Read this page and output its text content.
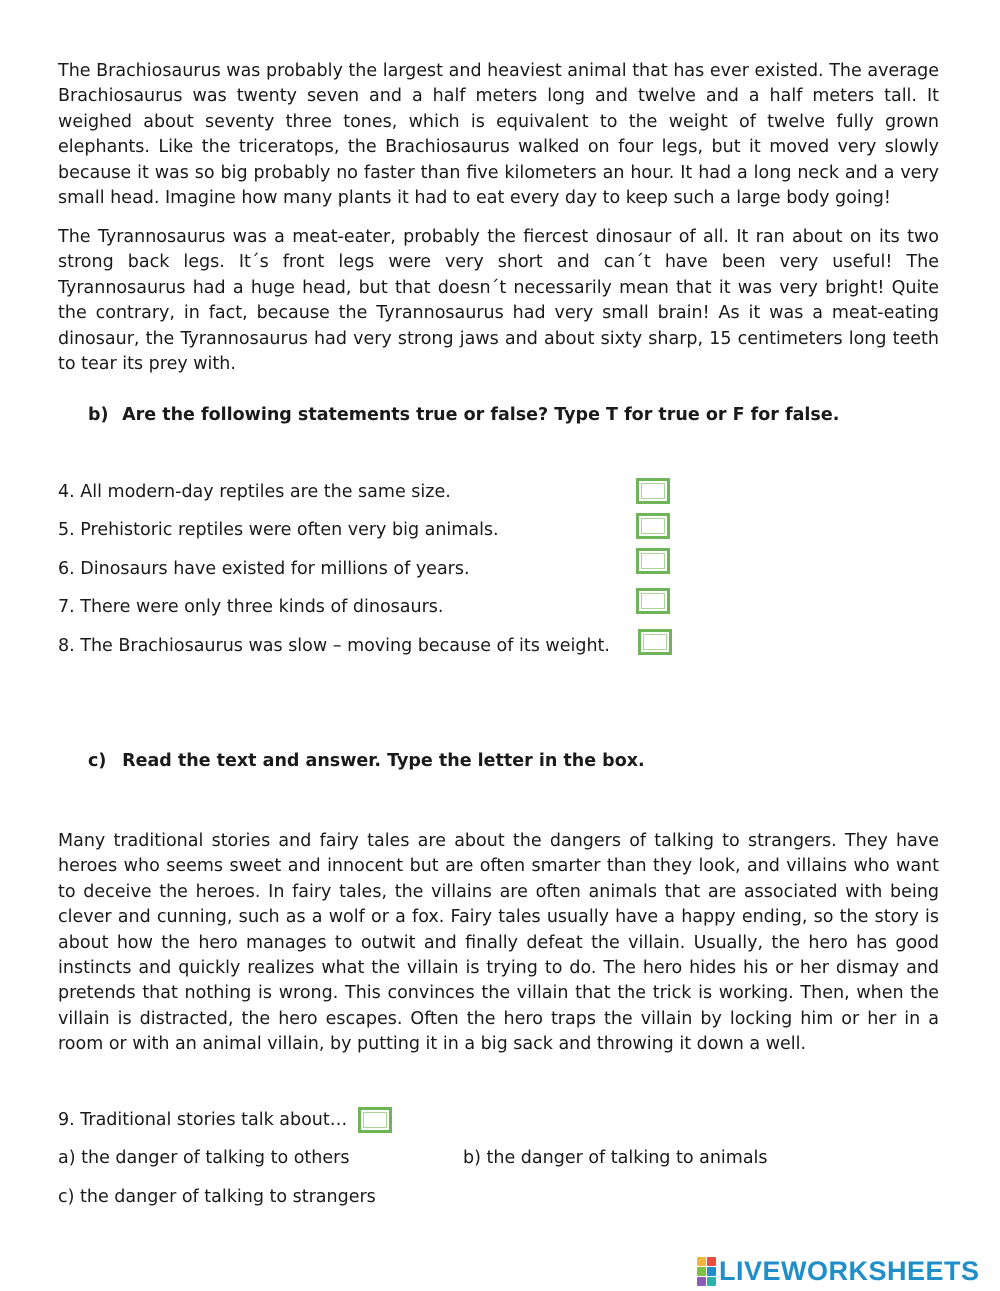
The Brachiosaurus was probably the largest and heaviest animal that has ever existed. The average Brachiosaurus was twenty seven and a half meters long and twelve and a half meters tall. It weighed about seventy three tones, which is equivalent to the weight of twelve fully grown elephants. Like the triceratops, the Brachiosaurus walked on four legs, but it moved very slowly because it was so big probably no faster than five kilometers an hour. It had a long neck and a very small head. Imagine how many plants it had to eat every day to keep such a large body going!

The Tyrannosaurus was a meat-eater, probably the fiercest dinosaur of all. It ran about on its two strong back legs. It´s front legs were very short and can´t have been very useful! The Tyrannosaurus had a huge head, but that doesn´t necessarily mean that it was very bright! Quite the contrary, in fact, because the Tyrannosaurus had very small brain! As it was a meat-eating dinosaur, the Tyrannosaurus had very strong jaws and about sixty sharp, 15 centimeters long teeth to tear its prey with.

b) Are the following statements true or false? Type T for true or F for false.

4. All modern-day reptiles are the same size.

5. Prehistoric reptiles were often very big animals.

6. Dinosaurs have existed for millions of years.

7. There were only three kinds of dinosaurs.

8. The Brachiosaurus was slow – moving because of its weight.

c) Read the text and answer. Type the letter in the box.

Many traditional stories and fairy tales are about the dangers of talking to strangers. They have heroes who seems sweet and innocent but are often smarter than they look, and villains who want to deceive the heroes. In fairy tales, the villains are often animals that are associated with being clever and cunning, such as a wolf or a fox. Fairy tales usually have a happy ending, so the story is about how the hero manages to outwit and finally defeat the villain. Usually, the hero has good instincts and quickly realizes what the villain is trying to do. The hero hides his or her dismay and pretends that nothing is wrong. This convinces the villain that the trick is working. Then, when the villain is distracted, the hero escapes. Often the hero traps the villain by locking him or her in a room or with an animal villain, by putting it in a big sack and throwing it down a well.

9. Traditional stories talk about…

a) the danger of talking to others	b) the danger of talking to animals

c) the danger of talking to strangers

LIVEWORKSHEETS
